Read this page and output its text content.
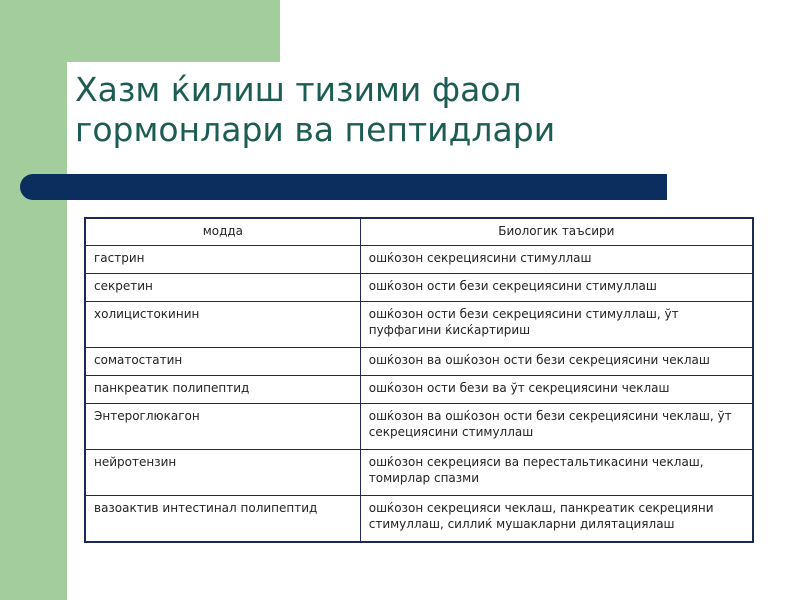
Хазм ќилиш тизими фаол
гормонлари ва пептидлари
модда	Биологик таъсири
гастрин	ошќозон секрециясини стимуллаш
секретин	ошќозон ости бези секрециясини стимуллаш
холицистокинин	ошќозон ости бези секрециясини стимуллаш, ўт пуффагини ќисќартириш
соматостатин	ошќозон ва ошќозон ости бези секрециясини чеклаш
панкреатик полипептид	ошќозон ости бези ва ўт секрециясини чеклаш
Энтероглюкагон	ошќозон ва ошќозон ости бези секрециясини чеклаш, ўт секрециясини стимуллаш
нейротензин	ошќозон секрецияси ва перестальтикасини чеклаш, томирлар спазми
вазоактив интестинал полипептид	ошќозон секрецияси чеклаш, панкреатик секрецияни стимуллаш, силлиќ мушакларни дилятациялаш
